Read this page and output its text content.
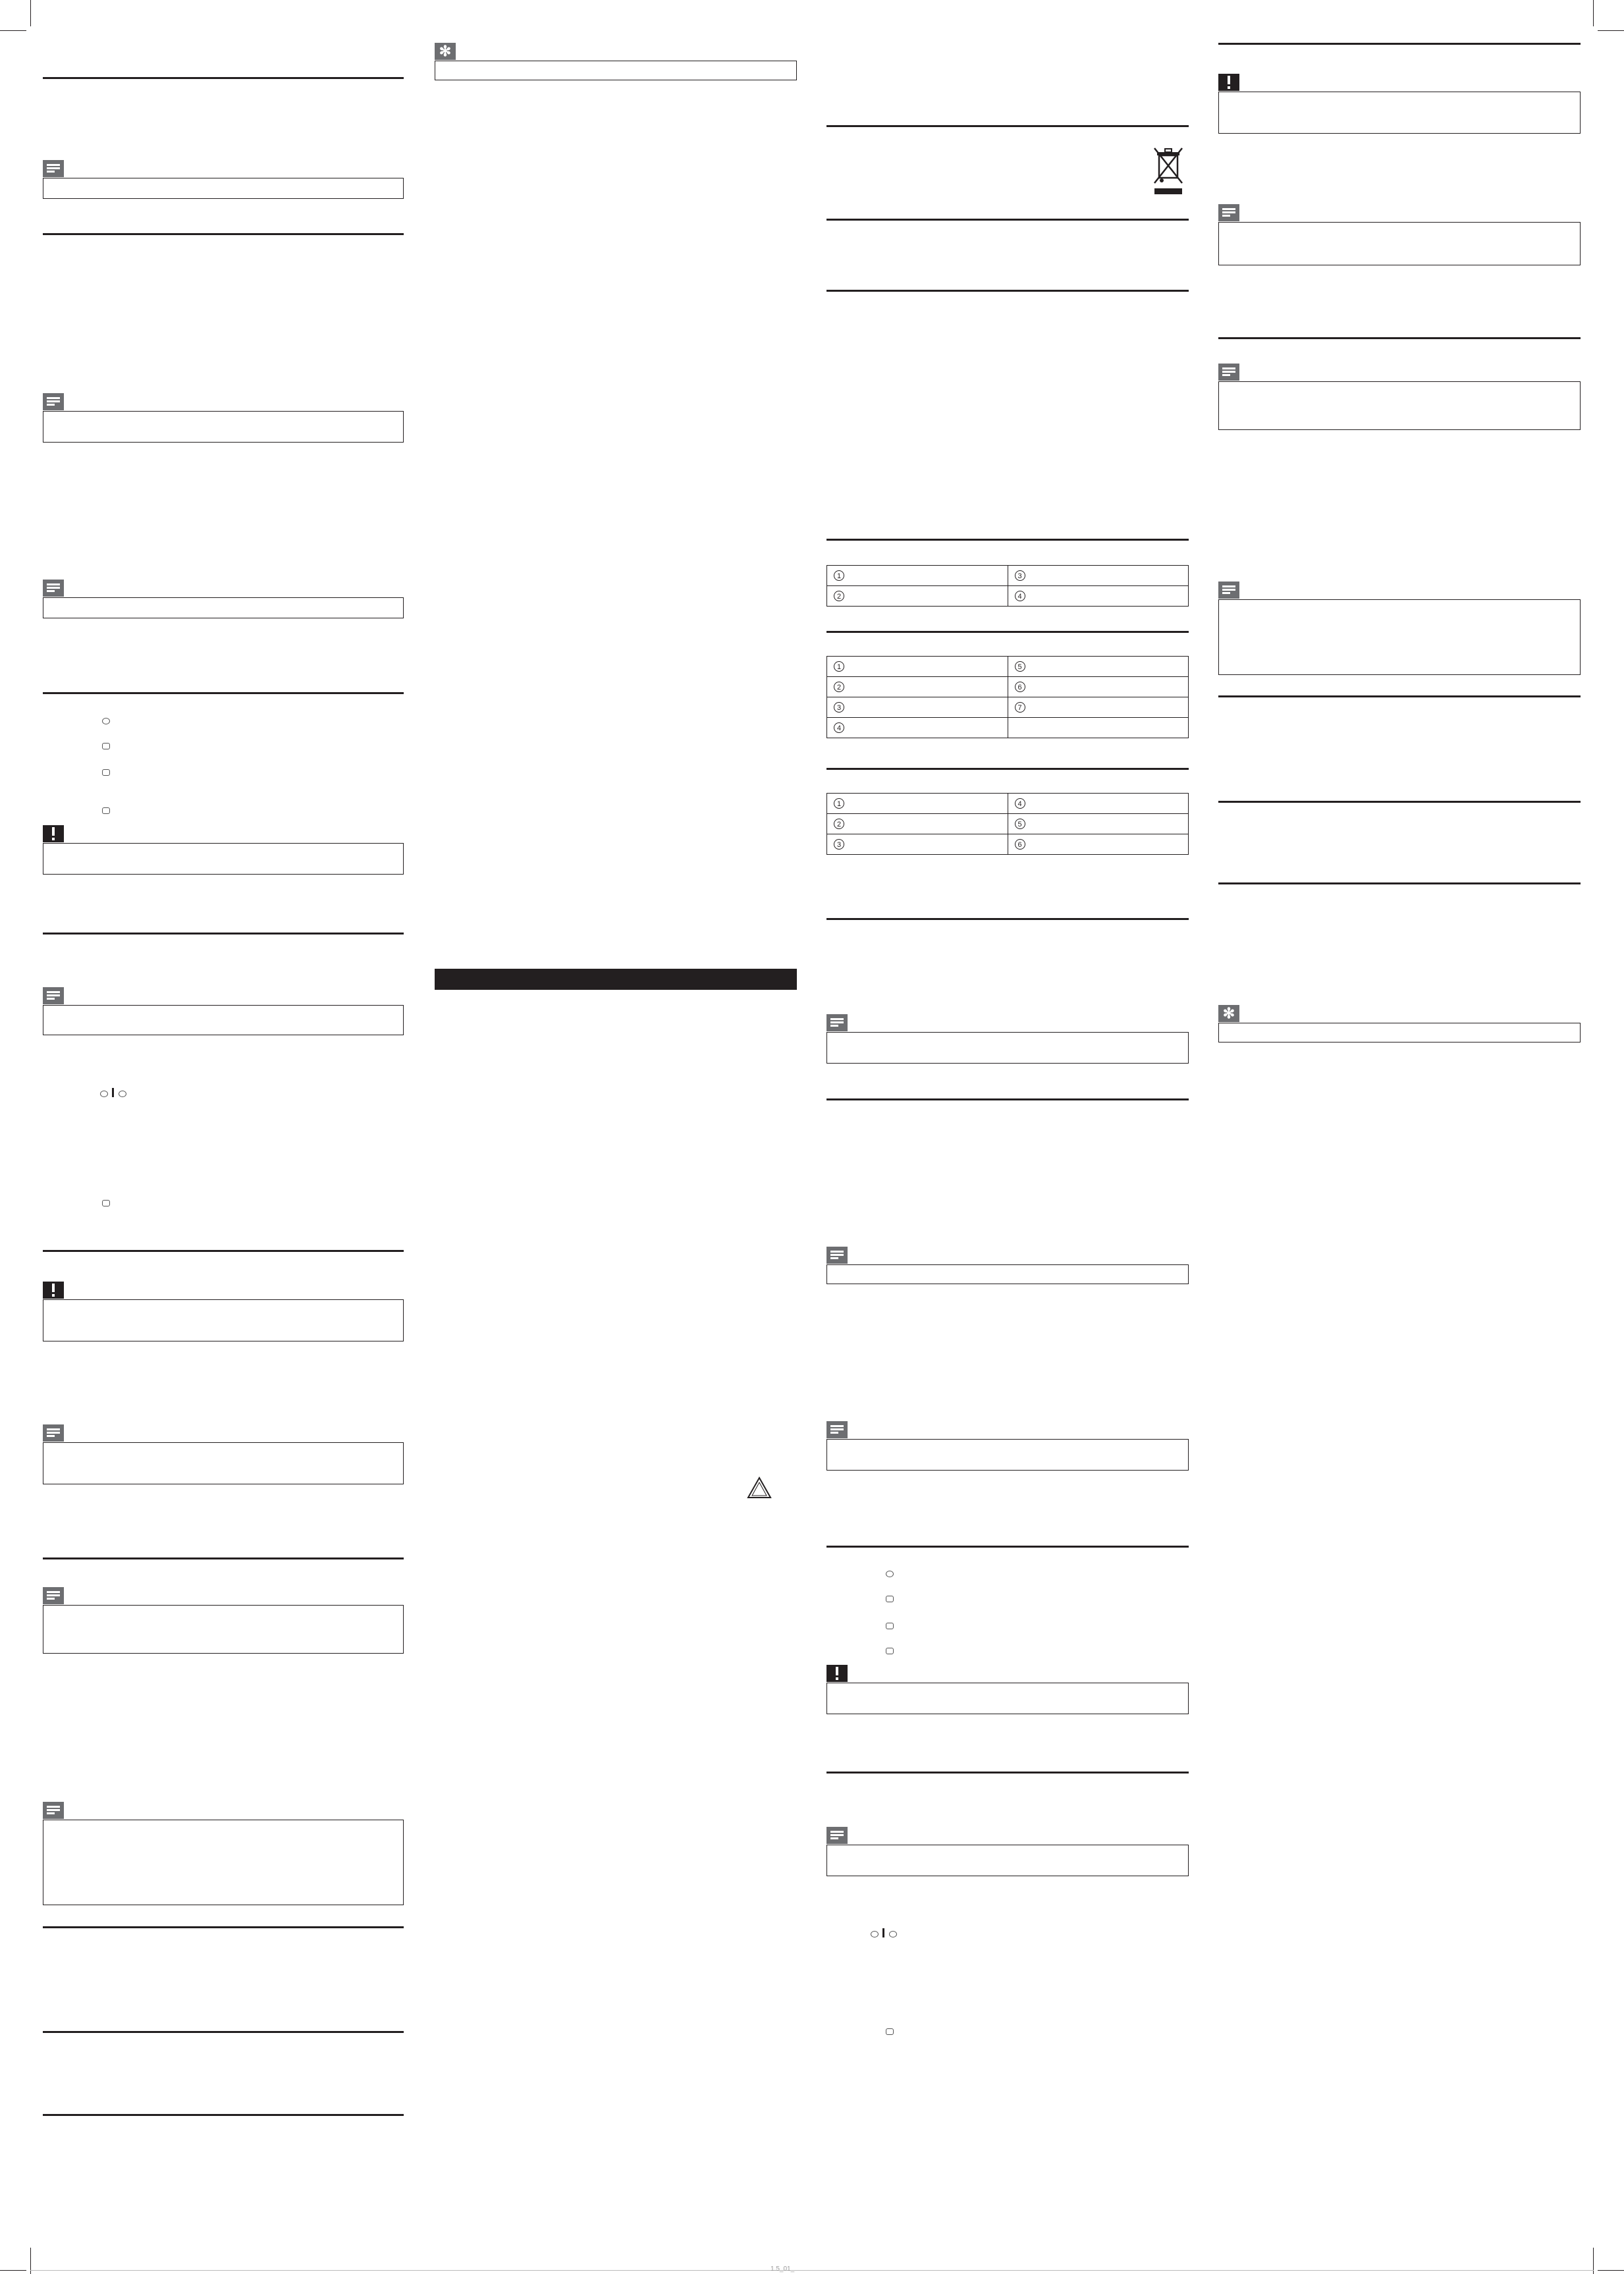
1.5_01_
✻
1	3
2	4
1	5
2	6
3	7
4	
1	4
2	5
3	6
✻
